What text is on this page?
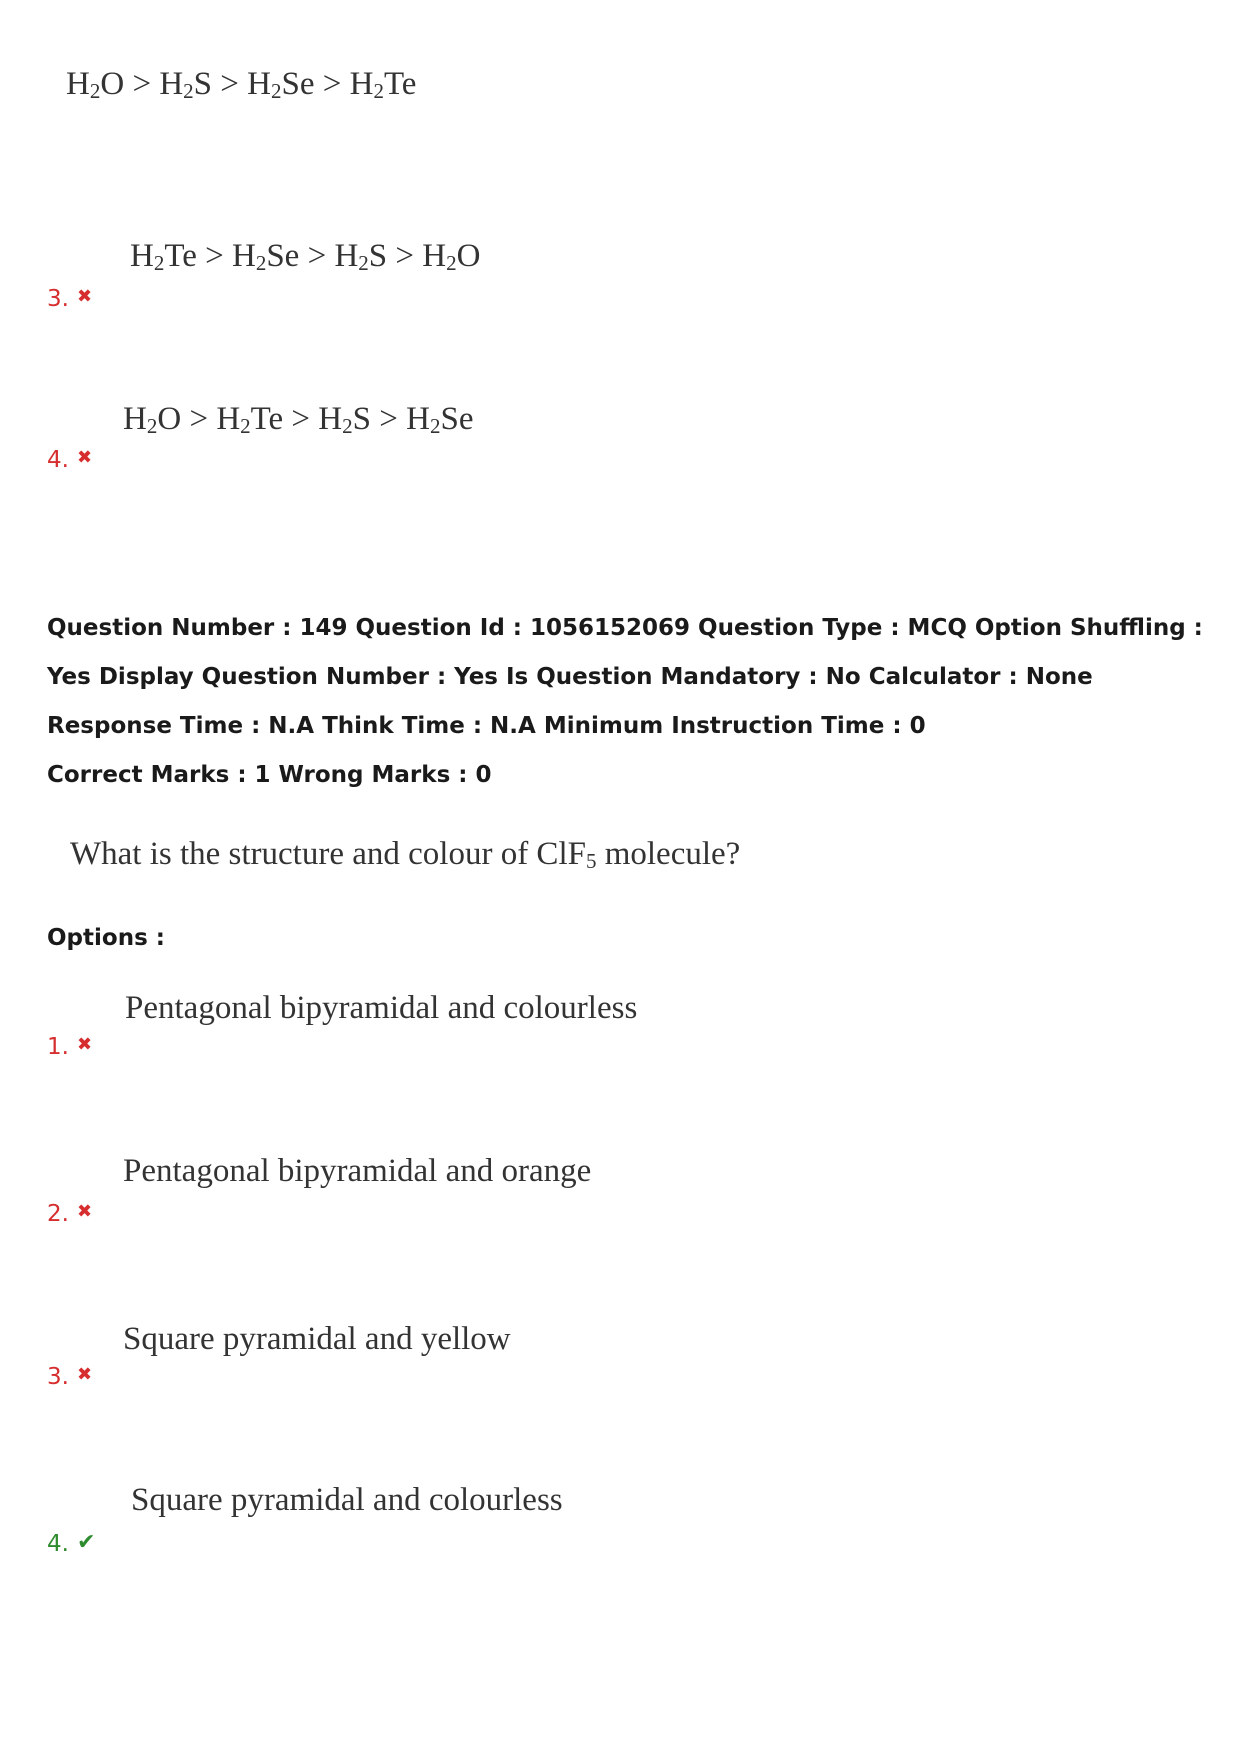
$H_2O > H_2S > H_2Se > H_2Te$
$H_2Te > H_2Se > H_2S > H_2O$
3. ✖
$H_2O > H_2Te > H_2S > H_2Se$
4. ✖
Question Number : 149 Question Id : 1056152069 Question Type : MCQ Option Shuffling : Yes Display Question Number : Yes Is Question Mandatory : No Calculator : None Response Time : N.A Think Time : N.A Minimum Instruction Time : 0
Correct Marks : 1 Wrong Marks : 0
What is the structure and colour of ClF$_5$ molecule?
Options :
Pentagonal bipyramidal and colourless
1. ✖
Pentagonal bipyramidal and orange
2. ✖
Square pyramidal and yellow
3. ✖
Square pyramidal and colourless
4. ✔
